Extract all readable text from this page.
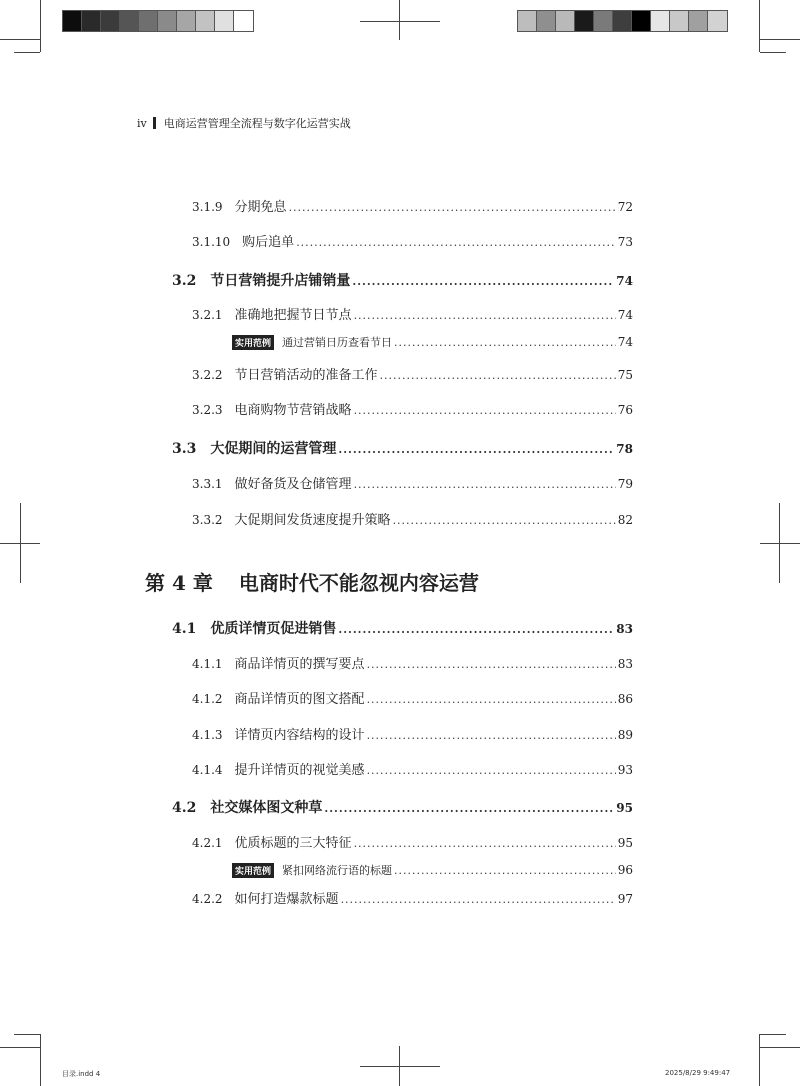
iv 电商运营管理全流程与数字化运营实战
3.1.9 分期免息 .....	72
3.1.10 购后追单 .....	73
3.2 节日营销提升店铺销量 .....	74
3.2.1 准确地把握节日节点 .....	74
实用范例 通过营销日历查看节日 .....	74
3.2.2 节日营销活动的准备工作 .....	75
3.2.3 电商购物节营销战略 .....	76
3.3 大促期间的运营管理 .....	78
3.3.1 做好备货及仓储管理 .....	79
3.3.2 大促期间发货速度提升策略 .....	82
第 4 章 电商时代不能忽视内容运营
4.1 优质详情页促进销售 .....	83
4.1.1 商品详情页的撰写要点 .....	83
4.1.2 商品详情页的图文搭配 .....	86
4.1.3 详情页内容结构的设计 .....	89
4.1.4 提升详情页的视觉美感 .....	93
4.2 社交媒体图文种草 .....	95
4.2.1 优质标题的三大特征 .....	95
实用范例 紧扣网络流行语的标题 .....	96
4.2.2 如何打造爆款标题 .....	97
目录.indd 4	2025/8/29 9:49:47
